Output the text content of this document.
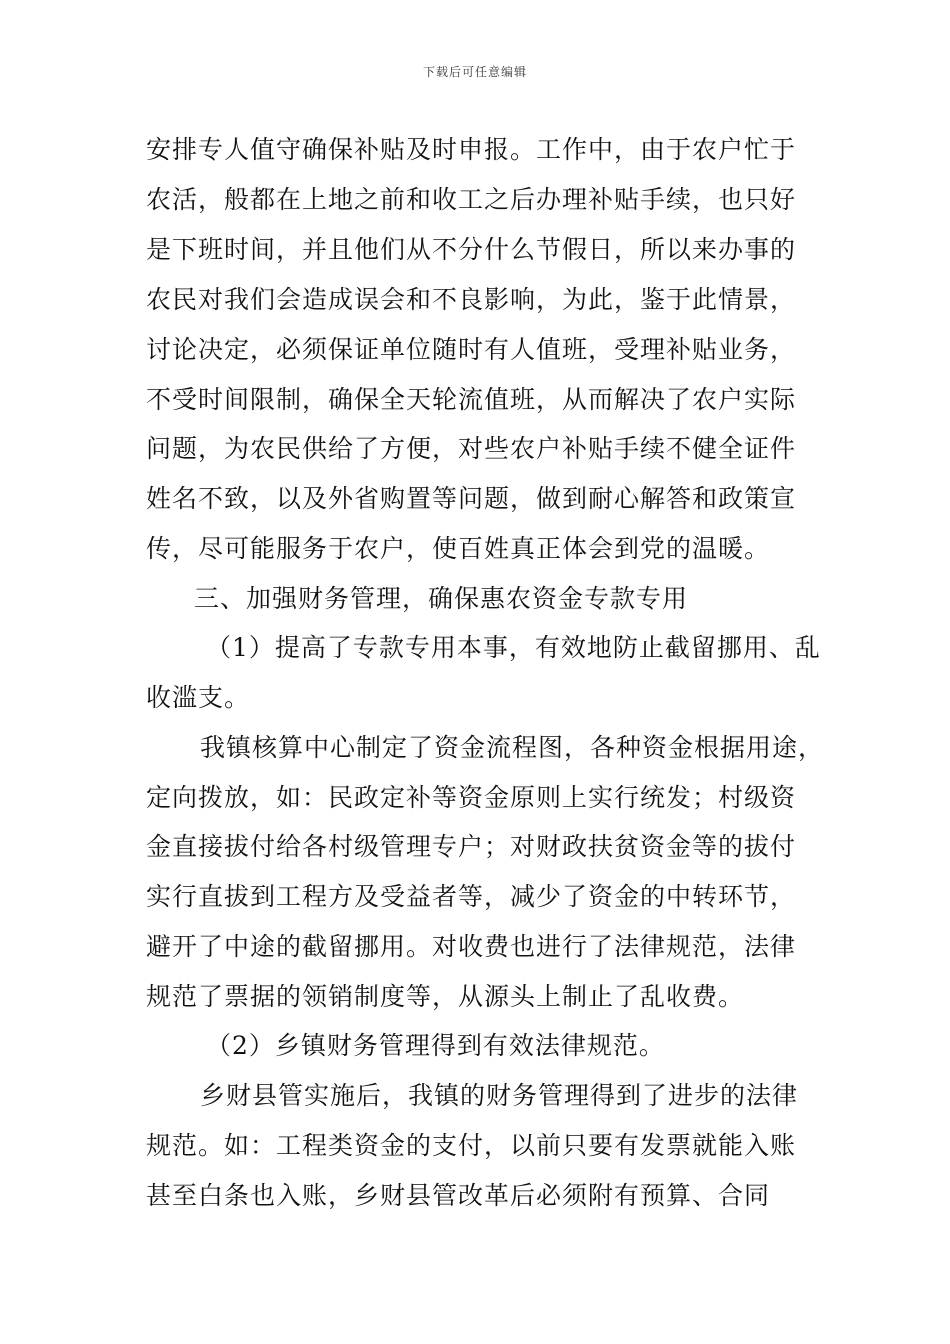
下载后可任意编辑
安排专人值守确保补贴及时申报。工作中，由于农户忙于
农活，般都在上地之前和收工之后办理补贴手续，也只好
是下班时间，并且他们从不分什么节假日，所以来办事的
农民对我们会造成误会和不良影响，为此，鉴于此情景，
讨论决定，必须保证单位随时有人值班，受理补贴业务，
不受时间限制，确保全天轮流值班，从而解决了农户实际
问题，为农民供给了方便，对些农户补贴手续不健全证件
姓名不致，以及外省购置等问题，做到耐心解答和政策宣
传，尽可能服务于农户，使百姓真正体会到党的温暖。
三、加强财务管理，确保惠农资金专款专用
（1）提高了专款专用本事，有效地防止截留挪用、乱
收滥支。
我镇核算中心制定了资金流程图，各种资金根据用途，
定向拨放，如：民政定补等资金原则上实行统发；村级资
金直接拔付给各村级管理专户；对财政扶贫资金等的拔付
实行直拔到工程方及受益者等，减少了资金的中转环节，
避开了中途的截留挪用。对收费也进行了法律规范，法律
规范了票据的领销制度等，从源头上制止了乱收费。
（2）乡镇财务管理得到有效法律规范。
乡财县管实施后，我镇的财务管理得到了进步的法律
规范。如：工程类资金的支付，以前只要有发票就能入账
甚至白条也入账，乡财县管改革后必须附有预算、合同
